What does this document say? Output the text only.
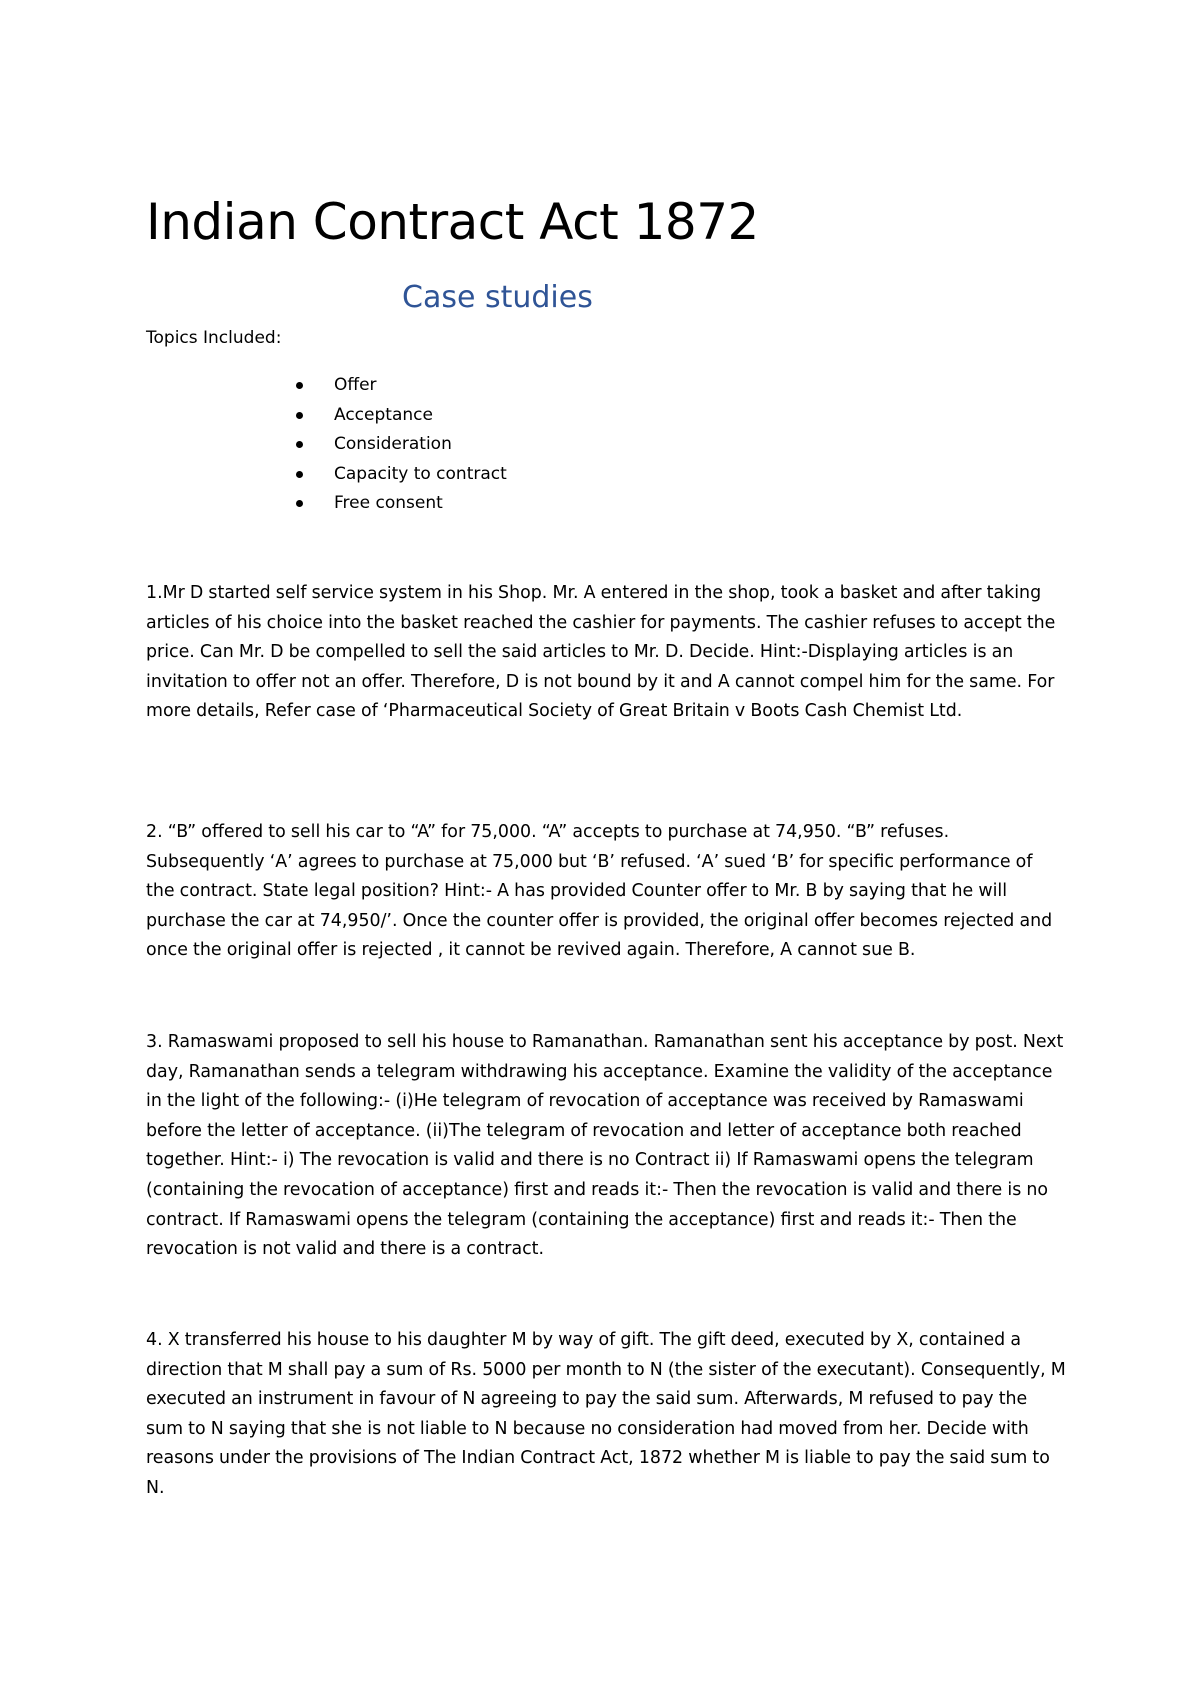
Indian Contract Act 1872
Case studies
Topics Included:
Offer
Acceptance
Consideration
Capacity to contract
Free consent

1.Mr D started self service system in his Shop. Mr. A entered in the shop, took a basket and after taking articles of his choice into the basket reached the cashier for payments. The cashier refuses to accept the price. Can Mr. D be compelled to sell the said articles to Mr. D. Decide. Hint:-Displaying articles is an invitation to offer not an offer. Therefore, D is not bound by it and A cannot compel him for the same. For more details, Refer case of ‘Pharmaceutical Society of Great Britain v Boots Cash Chemist Ltd.

2. “B” offered to sell his car to “A” for 75,000. “A” accepts to purchase at 74,950. “B” refuses. Subsequently ‘A’ agrees to purchase at 75,000 but ‘B’ refused. ‘A’ sued ‘B’ for specific performance of the contract. State legal position? Hint:- A has provided Counter offer to Mr. B by saying that he will purchase the car at 74,950/’. Once the counter offer is provided, the original offer becomes rejected and once the original offer is rejected , it cannot be revived again. Therefore, A cannot sue B.

3. Ramaswami proposed to sell his house to Ramanathan. Ramanathan sent his acceptance by post. Next day, Ramanathan sends a telegram withdrawing his acceptance. Examine the validity of the acceptance in the light of the following:- (i)He telegram of revocation of acceptance was received by Ramaswami before the letter of acceptance. (ii)The telegram of revocation and letter of acceptance both reached together. Hint:- i) The revocation is valid and there is no Contract ii) If Ramaswami opens the telegram (containing the revocation of acceptance) first and reads it:- Then the revocation is valid and there is no contract. If Ramaswami opens the telegram (containing the acceptance) first and reads it:- Then the revocation is not valid and there is a contract.

4. X transferred his house to his daughter M by way of gift. The gift deed, executed by X, contained a direction that M shall pay a sum of Rs. 5000 per month to N (the sister of the executant). Consequently, M executed an instrument in favour of N agreeing to pay the said sum. Afterwards, M refused to pay the sum to N saying that she is not liable to N because no consideration had moved from her. Decide with reasons under the provisions of The Indian Contract Act, 1872 whether M is liable to pay the said sum to N.
